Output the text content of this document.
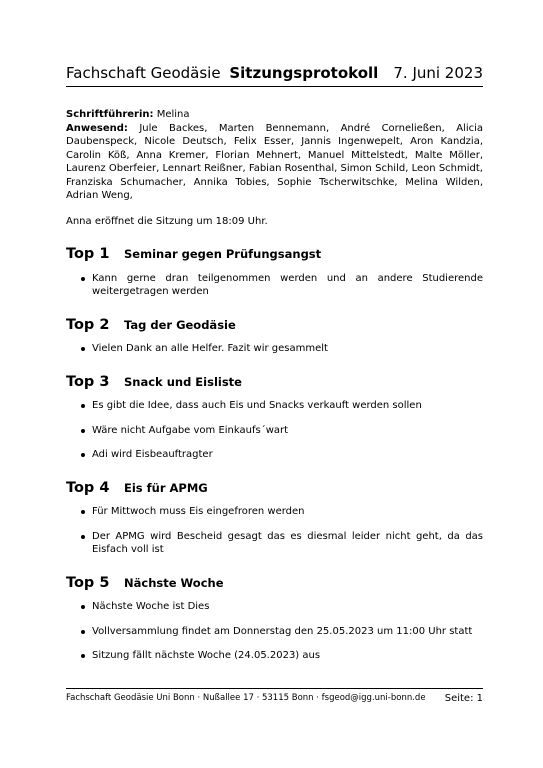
Fachschaft Geodäsie Sitzungsprotokoll 7. Juni 2023
Schriftführerin: Melina
Anwesend: Jule Backes, Marten Bennemann, André Corneließen, Alicia Daubenspeck, Nicole Deutsch, Felix Esser, Jannis Ingenwepelt, Aron Kandzia, Carolin Köß, Anna Kremer, Florian Mehnert, Manuel Mittelstedt, Malte Möller, Laurenz Oberfeier, Lennart Reißner, Fabian Rosenthal, Simon Schild, Leon Schmidt, Franziska Schumacher, Annika Tobies, Sophie Tscherwitschke, Melina Wilden, Adrian Weng,
Anna eröffnet die Sitzung um 18:09 Uhr.
Top 1	Seminar gegen Prüfungsangst
Kann gerne dran teilgenommen werden und an andere Studierende weitergetragen werden
Top 2	Tag der Geodäsie
Vielen Dank an alle Helfer. Fazit wir gesammelt
Top 3	Snack und Eisliste
Es gibt die Idee, dass auch Eis und Snacks verkauft werden sollen
Wäre nicht Aufgabe vom Einkaufs´wart
Adi wird Eisbeauftragter
Top 4	Eis für APMG
Für Mittwoch muss Eis eingefroren werden
Der APMG wird Bescheid gesagt das es diesmal leider nicht geht, da das Eisfach voll ist
Top 5	Nächste Woche
Nächste Woche ist Dies
Vollversammlung findet am Donnerstag den 25.05.2023 um 11:00 Uhr statt
Sitzung fällt nächste Woche (24.05.2023) aus
Fachschaft Geodäsie Uni Bonn · Nußallee 17 · 53115 Bonn · fsgeod@igg.uni-bonn.de Seite: 1
